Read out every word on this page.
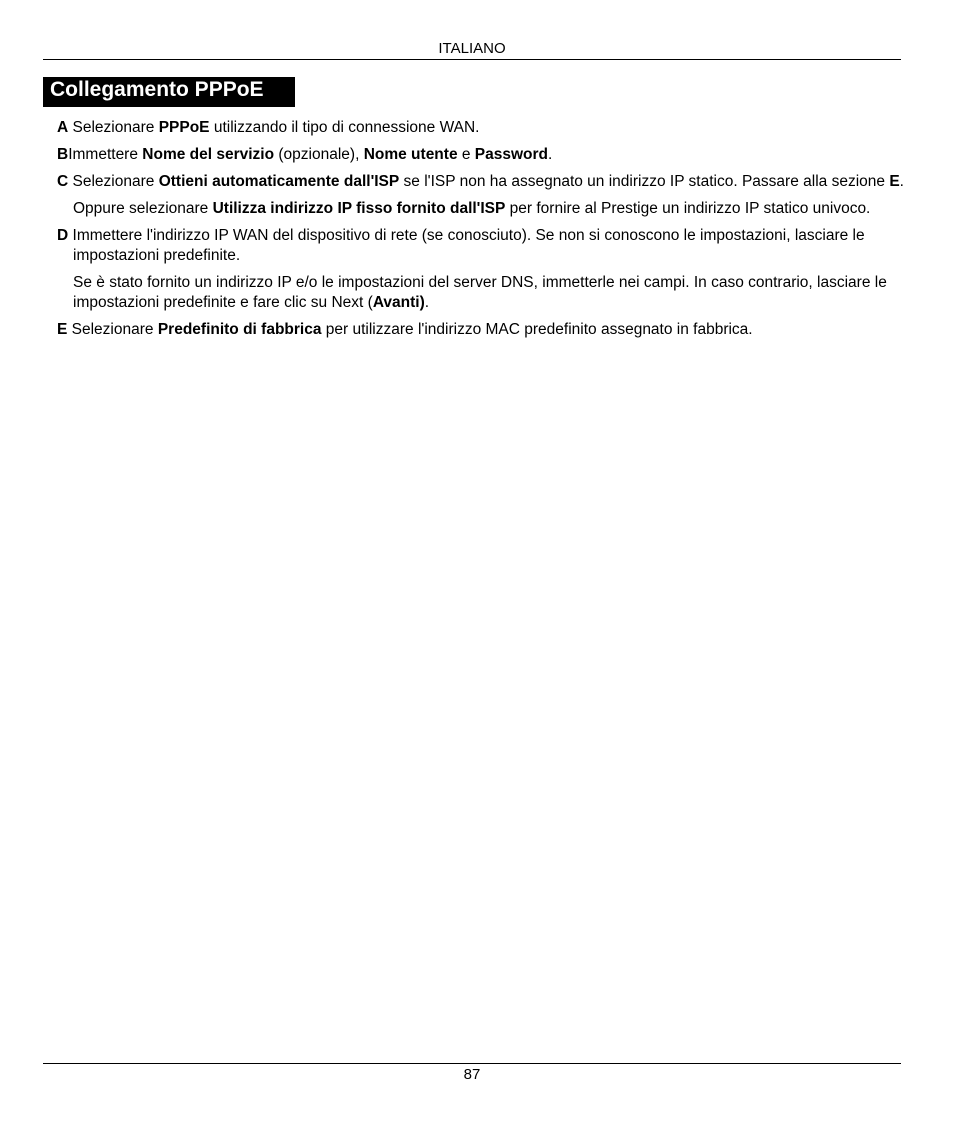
ITALIANO
Collegamento PPPoE

A Selezionare PPPoE utilizzando il tipo di connessione WAN.

BImmettere Nome del servizio (opzionale), Nome utente e Password.

C Selezionare Ottieni automaticamente dall'ISP se l'ISP non ha assegnato un indirizzo IP statico. Passare alla sezione E.

Oppure selezionare Utilizza indirizzo IP fisso fornito dall'ISP per fornire al Prestige un indirizzo IP statico univoco.

D Immettere l'indirizzo IP WAN del dispositivo di rete (se conosciuto). Se non si conoscono le impostazioni, lasciare le impostazioni predefinite.

Se è stato fornito un indirizzo IP e/o le impostazioni del server DNS, immetterle nei campi. In caso contrario, lasciare le impostazioni predefinite e fare clic su Next (Avanti).

E Selezionare Predefinito di fabbrica per utilizzare l'indirizzo MAC predefinito assegnato in fabbrica.

87
